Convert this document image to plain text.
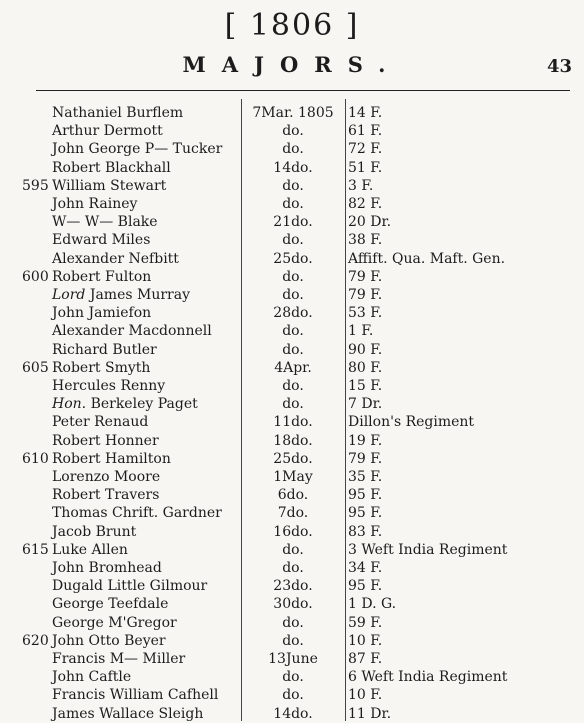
[ 1806 ]
MAJORS.	43
Nathaniel Burflem	7Mar. 1805	14 F.
Arthur Dermott	do.	61 F.
John George P— Tucker	do.	72 F.
Robert Blackhall	14do.	51 F.
595 William Stewart	do.	3 F.
John Rainey	do.	82 F.
W— W— Blake	21do.	20 Dr.
Edward Miles	do.	38 F.
Alexander Nefbitt	25do.	Affift. Qua. Maft. Gen.
600 Robert Fulton	do.	79 F.
Lord James Murray	do.	79 F.
John Jamiefon	28do.	53 F.
Alexander Macdonnell	do.	1 F.
Richard Butler	do.	90 F.
605 Robert Smyth	4Apr.	80 F.
Hercules Renny	do.	15 F.
Hon. Berkeley Paget	do.	7 Dr.
Peter Renaud	11do.	Dillon's Regiment
Robert Honner	18do.	19 F.
610 Robert Hamilton	25do.	79 F.
Lorenzo Moore	1May	35 F.
Robert Travers	6do.	95 F.
Thomas Chrift. Gardner	7do.	95 F.
Jacob Brunt	16do.	83 F.
615 Luke Allen	do.	3 Weft India Regiment
John Bromhead	do.	34 F.
Dugald Little Gilmour	23do.	95 F.
George Teefdale	30do.	1 D. G.
George M'Gregor	do.	59 F.
620 John Otto Beyer	do.	10 F.
Francis M— Miller	13June	87 F.
John Caftle	do.	6 Weft India Regiment
Francis William Cafhell	do.	10 F.
James Wallace Sleigh	14do.	11 Dr.
